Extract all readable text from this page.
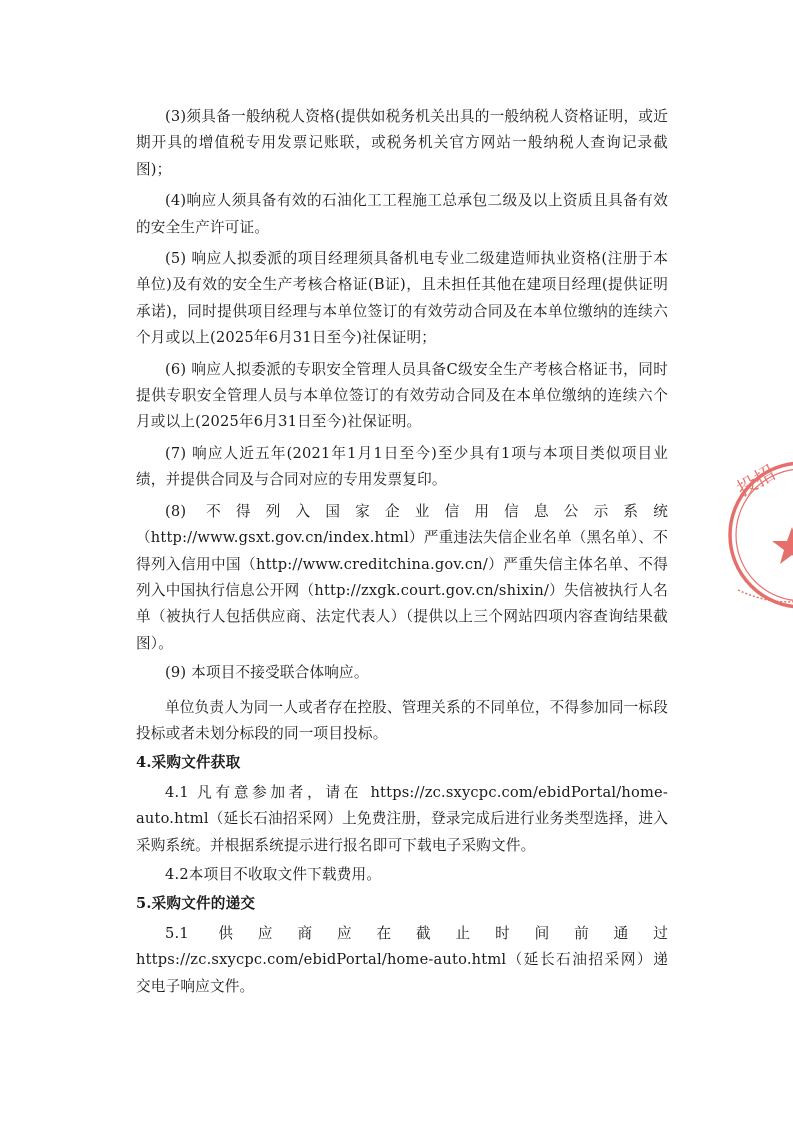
(3)须具备一般纳税人资格(提供如税务机关出具的一般纳税人资格证明，或近期开具的增值税专用发票记账联，或税务机关官方网站一般纳税人查询记录截图)；

(4)响应人须具备有效的石油化工工程施工总承包二级及以上资质且具备有效的安全生产许可证。

(5) 响应人拟委派的项目经理须具备机电专业二级建造师执业资格(注册于本单位)及有效的安全生产考核合格证(B证)，且未担任其他在建项目经理(提供证明承诺)，同时提供项目经理与本单位签订的有效劳动合同及在本单位缴纳的连续六个月或以上(2025年6月31日至今)社保证明；

(6) 响应人拟委派的专职安全管理人员具备C级安全生产考核合格证书，同时提供专职安全管理人员与本单位签订的有效劳动合同及在本单位缴纳的连续六个月或以上(2025年6月31日至今)社保证明。

(7) 响应人近五年(2021年1月1日至今)至少具有1项与本项目类似项目业绩，并提供合同及与合同对应的专用发票复印。

(8) 不得列入国家企业信用信息公示系统（http://www.gsxt.gov.cn/index.html）严重违法失信企业名单（黑名单）、不得列入信用中国（http://www.creditchina.gov.cn/）严重失信主体名单、不得列入中国执行信息公开网（http://zxgk.court.gov.cn/shixin/）失信被执行人名单（被执行人包括供应商、法定代表人）（提供以上三个网站四项内容查询结果截图）。

(9) 本项目不接受联合体响应。

单位负责人为同一人或者存在控股、管理关系的不同单位，不得参加同一标段投标或者未划分标段的同一项目投标。

4.采购文件获取

4.1 凡有意参加者，请在 https://zc.sxycpc.com/ebidPortal/home-auto.html（延长石油招采网）上免费注册，登录完成后进行业务类型选择，进入采购系统。并根据系统提示进行报名即可下载电子采购文件。

4.2本项目不收取文件下载费用。

5.采购文件的递交

5.1 供应商应在截止时间前通过 https://zc.sxycpc.com/ebidPortal/home-auto.html（延长石油招采网）递交电子响应文件。

投招
